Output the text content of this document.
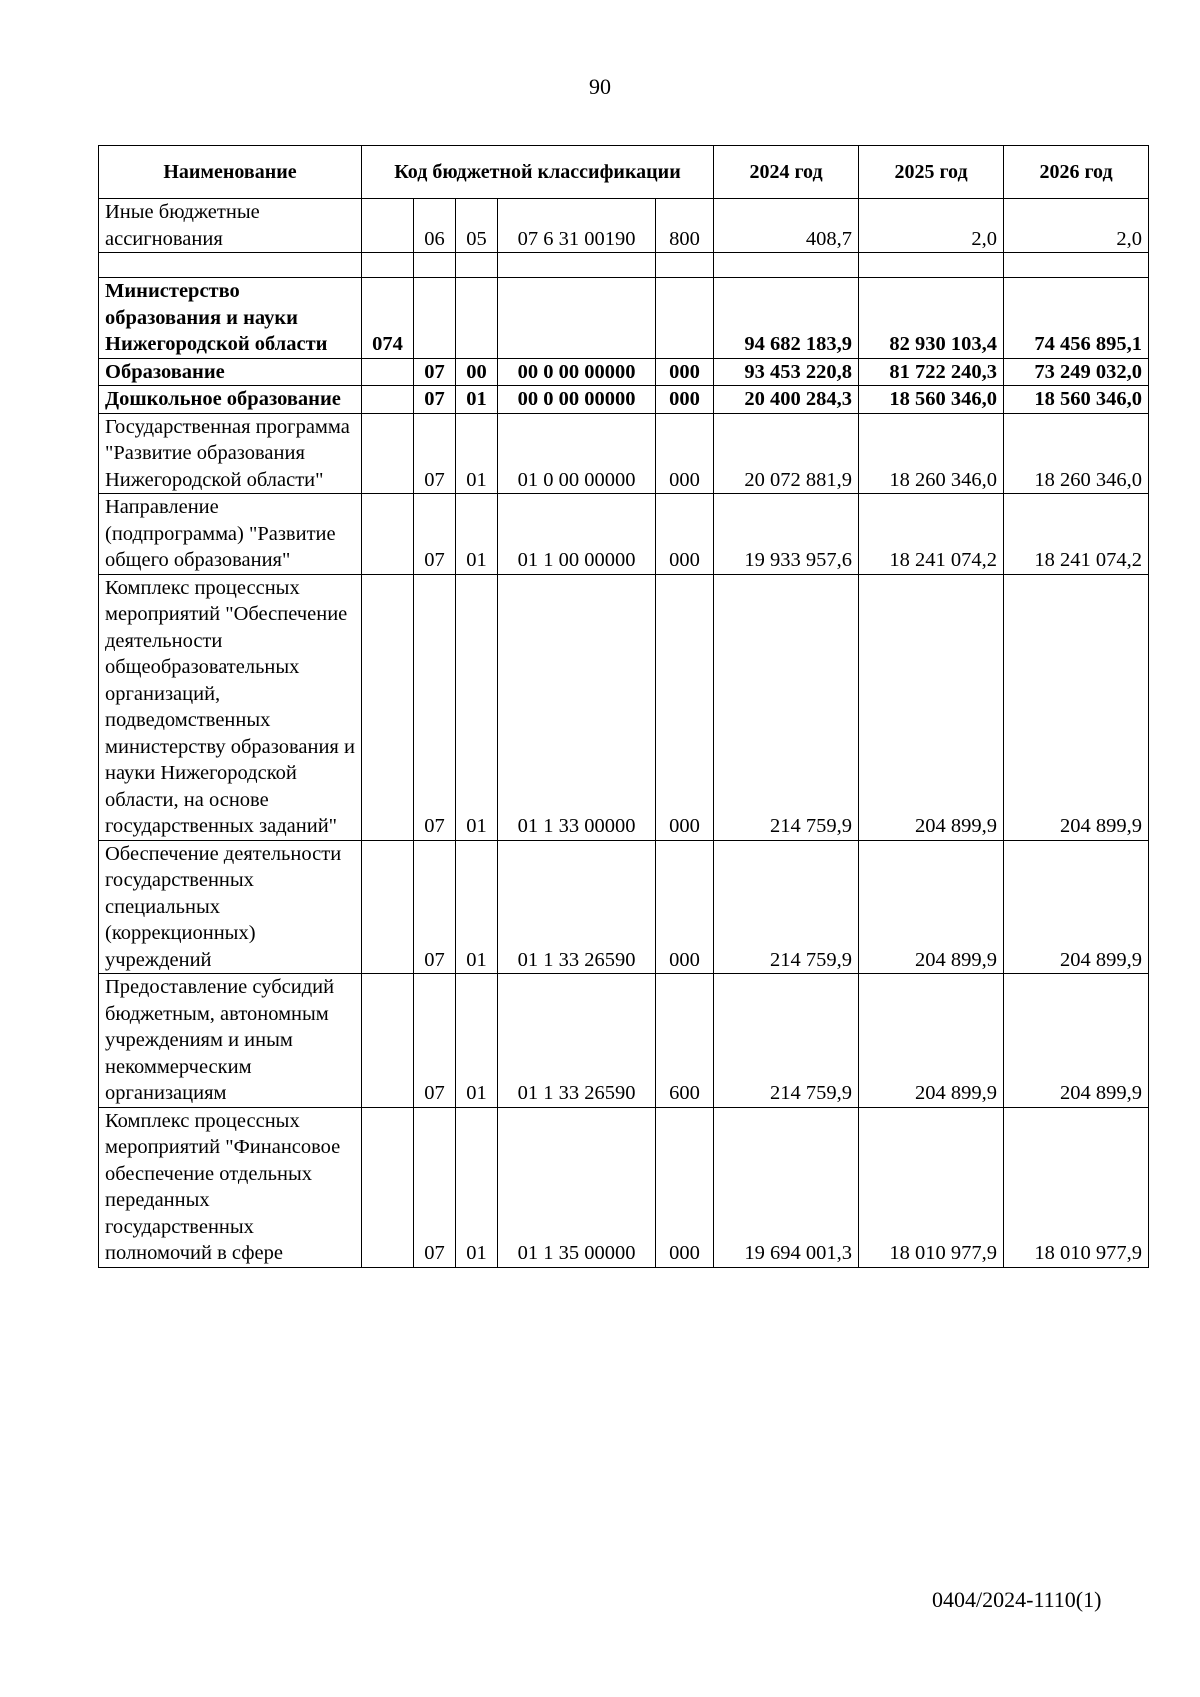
90
Наименование	Код бюджетной классификации					2024 год	2025 год	2026 год
Иные бюджетные ассигнования		06	05	07 6 31 00190	800	408,7	2,0	2,0

Министерство образования и науки Нижегородской области	074					94 682 183,9	82 930 103,4	74 456 895,1
Образование		07	00	00 0 00 00000	000	93 453 220,8	81 722 240,3	73 249 032,0
Дошкольное образование		07	01	00 0 00 00000	000	20 400 284,3	18 560 346,0	18 560 346,0
Государственная программа "Развитие образования Нижегородской области"		07	01	01 0 00 00000	000	20 072 881,9	18 260 346,0	18 260 346,0
Направление (подпрограмма) "Развитие общего образования"		07	01	01 1 00 00000	000	19 933 957,6	18 241 074,2	18 241 074,2
Комплекс процессных мероприятий "Обеспечение деятельности общеобразовательных организаций, подведомственных министерству образования и науки Нижегородской области, на основе государственных заданий"		07	01	01 1 33 00000	000	214 759,9	204 899,9	204 899,9
Обеспечение деятельности государственных специальных (коррекционных) учреждений		07	01	01 1 33 26590	000	214 759,9	204 899,9	204 899,9
Предоставление субсидий бюджетным, автономным учреждениям и иным некоммерческим организациям		07	01	01 1 33 26590	600	214 759,9	204 899,9	204 899,9
Комплекс процессных мероприятий "Финансовое обеспечение отдельных переданных государственных полномочий в сфере		07	01	01 1 35 00000	000	19 694 001,3	18 010 977,9	18 010 977,9
0404/2024-1110(1)
